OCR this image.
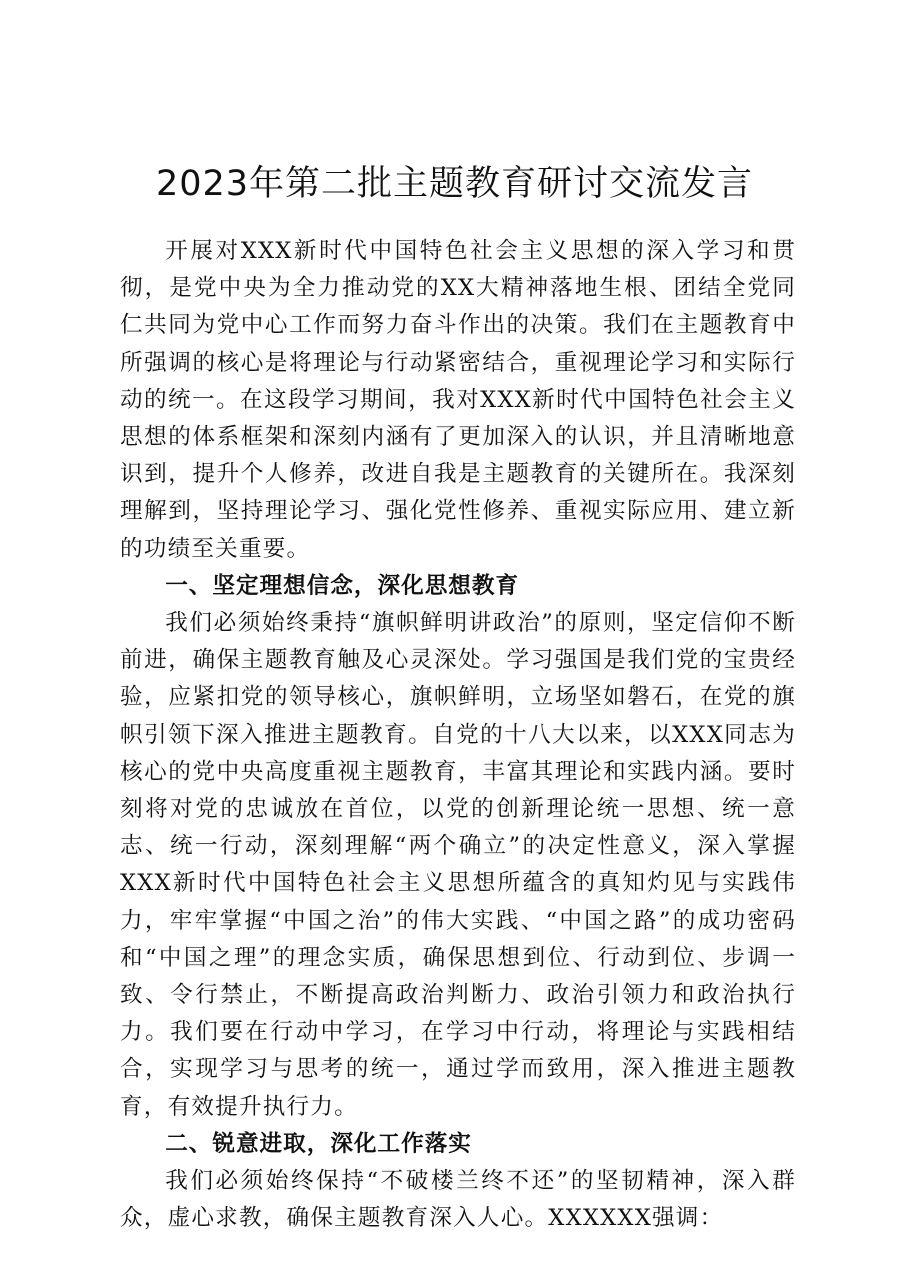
2023年第二批主题教育研讨交流发言

开展对XXX新时代中国特色社会主义思想的深入学习和贯彻，是党中央为全力推动党的XX大精神落地生根、团结全党同仁共同为党中心工作而努力奋斗作出的决策。我们在主题教育中所强调的核心是将理论与行动紧密结合，重视理论学习和实际行动的统一。在这段学习期间，我对XXX新时代中国特色社会主义思想的体系框架和深刻内涵有了更加深入的认识，并且清晰地意识到，提升个人修养，改进自我是主题教育的关键所在。我深刻理解到，坚持理论学习、强化党性修养、重视实际应用、建立新的功绩至关重要。

一、坚定理想信念，深化思想教育

我们必须始终秉持“旗帜鲜明讲政治”的原则，坚定信仰不断前进，确保主题教育触及心灵深处。学习强国是我们党的宝贵经验，应紧扣党的领导核心，旗帜鲜明，立场坚如磐石，在党的旗帜引领下深入推进主题教育。自党的十八大以来，以XXX同志为核心的党中央高度重视主题教育，丰富其理论和实践内涵。要时刻将对党的忠诚放在首位，以党的创新理论统一思想、统一意志、统一行动，深刻理解“两个确立”的决定性意义，深入掌握XXX新时代中国特色社会主义思想所蕴含的真知灼见与实践伟力，牢牢掌握“中国之治”的伟大实践、“中国之路”的成功密码和“中国之理”的理念实质，确保思想到位、行动到位、步调一致、令行禁止，不断提高政治判断力、政治引领力和政治执行力。我们要在行动中学习，在学习中行动，将理论与实践相结合，实现学习与思考的统一，通过学而致用，深入推进主题教育，有效提升执行力。

二、锐意进取，深化工作落实

我们必须始终保持“不破楼兰终不还”的坚韧精神，深入群众，虚心求教，确保主题教育深入人心。XXXXXX强调：
